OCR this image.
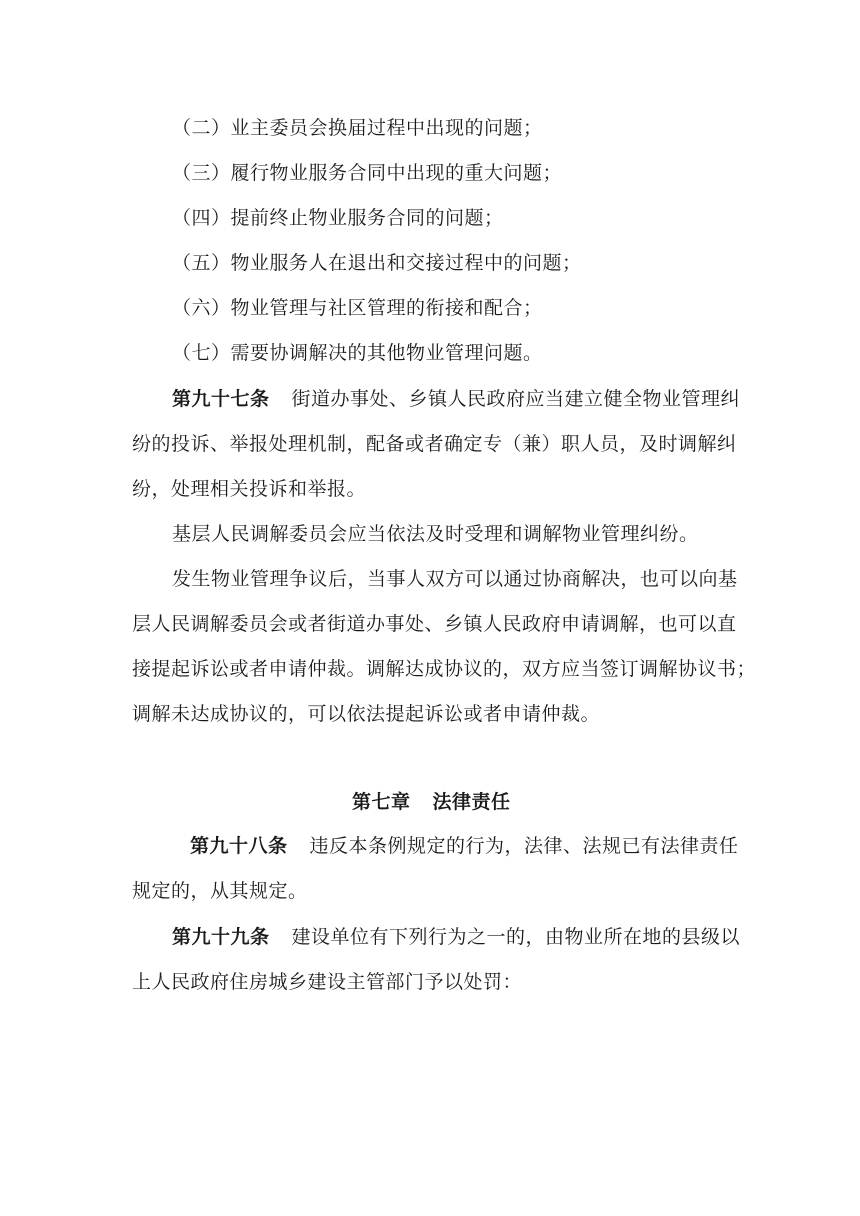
（二）业主委员会换届过程中出现的问题；
（三）履行物业服务合同中出现的重大问题；
（四）提前终止物业服务合同的问题；
（五）物业服务人在退出和交接过程中的问题；
（六）物业管理与社区管理的衔接和配合；
（七）需要协调解决的其他物业管理问题。
第九十七条 街道办事处、乡镇人民政府应当建立健全物业管理纠
纷的投诉、举报处理机制，配备或者确定专（兼）职人员，及时调解纠
纷，处理相关投诉和举报。
基层人民调解委员会应当依法及时受理和调解物业管理纠纷。
发生物业管理争议后，当事人双方可以通过协商解决，也可以向基
层人民调解委员会或者街道办事处、乡镇人民政府申请调解，也可以直
接提起诉讼或者申请仲裁。调解达成协议的，双方应当签订调解协议书；
调解未达成协议的，可以依法提起诉讼或者申请仲裁。
第七章 法律责任
第九十八条 违反本条例规定的行为，法律、法规已有法律责任
规定的，从其规定。
第九十九条 建设单位有下列行为之一的，由物业所在地的县级以
上人民政府住房城乡建设主管部门予以处罚：
